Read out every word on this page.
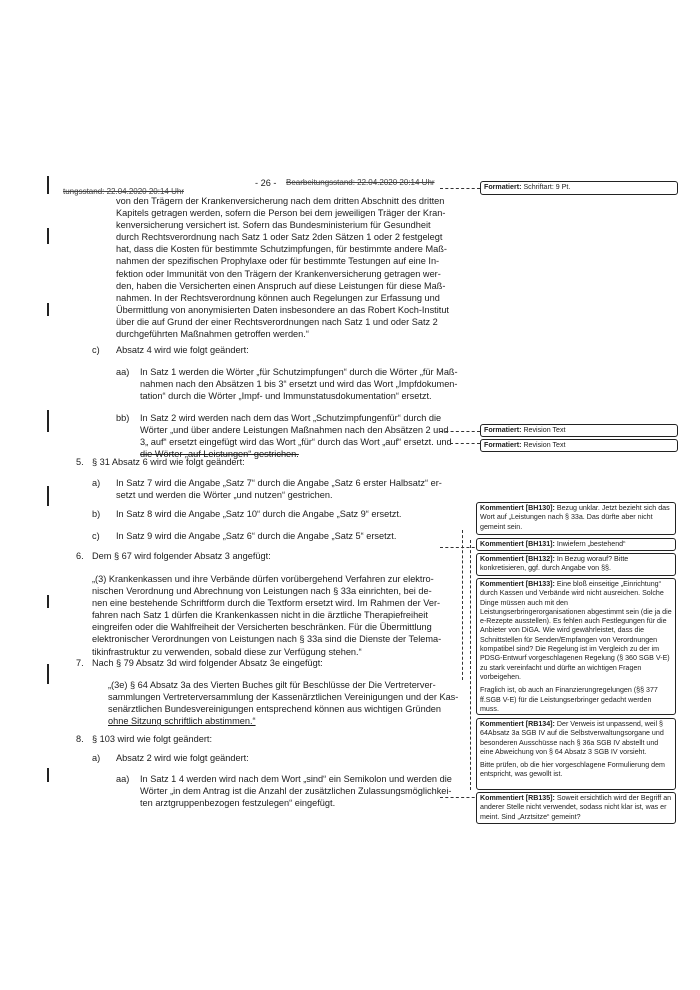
- 26 - Bearbeitungsstand: 22.04.2020 20:14 Uhr
tungsstand: 22.04.2020 20:14 Uhr
von den Trägern der Krankenversicherung nach dem dritten Abschnitt des dritten
Kapitels getragen werden, sofern die Person bei dem jeweiligen Träger der Kran-
kenversicherung versichert ist. Sofern das Bundesministerium für Gesundheit
durch Rechtsverordnung nach Satz 1 oder Satz 2den Sätzen 1 oder 2 festgelegt
hat, dass die Kosten für bestimmte Schutzimpfungen, für bestimmte andere Maß-
nahmen der spezifischen Prophylaxe oder für bestimmte Testungen auf eine In-
fektion oder Immunität von den Trägern der Krankenversicherung getragen wer-
den, haben die Versicherten einen Anspruch auf diese Leistungen für diese Maß-
nahmen. In der Rechtsverordnung können auch Regelungen zur Erfassung und
Übermittlung von anonymisierten Daten insbesondere an das Robert Koch-Institut
über die auf Grund der einer Rechtsverordnungen nach Satz 1 und oder Satz 2
durchgeführten Maßnahmen getroffen werden.“
c) Absatz 4 wird wie folgt geändert:
aa) In Satz 1 werden die Wörter „für Schutzimpfungen“ durch die Wörter „für Maß-
nahmen nach den Absätzen 1 bis 3“ ersetzt und wird das Wort „Impfdokumen-
tation“ durch die Wörter „Impf- und Immunstatusdokumentation“ ersetzt.
bb) In Satz 2 wird werden nach dem das Wort „Schutzimpfungenfür“ durch die
Wörter „und über andere Leistungen Maßnahmen nach den Absätzen 2 und
3„ auf“ ersetzt eingefügt wird das Wort „für“ durch das Wort „auf“ ersetzt. und
die Wörter „auf Leistungen“ gestrichen.
5. § 31 Absatz 6 wird wie folgt geändert:
a) In Satz 7 wird die Angabe „Satz 7“ durch die Angabe „Satz 6 erster Halbsatz“ er-
setzt und werden die Wörter „und nutzen“ gestrichen.
b) In Satz 8 wird die Angabe „Satz 10“ durch die Angabe „Satz 9“ ersetzt.
c) In Satz 9 wird die Angabe „Satz 6“ durch die Angabe „Satz 5“ ersetzt.
6. Dem § 67 wird folgender Absatz 3 angefügt:
„(3) Krankenkassen und ihre Verbände dürfen vorübergehend Verfahren zur elektro-
nischen Verordnung und Abrechnung von Leistungen nach § 33a einrichten, bei de-
nen eine bestehende Schriftform durch die Textform ersetzt wird. Im Rahmen der Ver-
fahren nach Satz 1 dürfen die Krankenkassen nicht in die ärztliche Therapiefreiheit
eingreifen oder die Wahlfreiheit der Versicherten beschränken. Für die Übermittlung
elektronischer Verordnungen von Leistungen nach § 33a sind die Dienste der Telema-
tikinfrastruktur zu verwenden, sobald diese zur Verfügung stehen.“
7. Nach § 79 Absatz 3d wird folgender Absatz 3e eingefügt:
„(3e) § 64 Absatz 3a des Vierten Buches gilt für Beschlüsse der Die Vertreterver-
sammlungen Vertreterversammlung der Kassenärztlichen Vereinigungen und der Kas-
senärztlichen Bundesvereinigungen entsprechend können aus wichtigen Gründen
ohne Sitzung schriftlich abstimmen.“
8. § 103 wird wie folgt geändert:
a) Absatz 2 wird wie folgt geändert:
aa) In Satz 1 4 werden wird nach dem Wort „sind“ ein Semikolon und werden die
Wörter „in dem Antrag ist die Anzahl der zusätzlichen Zulassungsmöglichkei-
ten arztgruppenbezogen festzulegen“ eingefügt.
Formatiert: Schriftart: 9 Pt.
Formatiert: Revision Text
Formatiert: Revision Text
Kommentiert [BH130]: Bezug unklar. Jetzt bezieht sich das Wort auf „Leistungen nach § 33a. Das dürfte aber nicht gemeint sein.
Kommentiert [BH131]: Inwiefern „bestehend“
Kommentiert [BH132]: In Bezug worauf? Bitte konkretisieren, ggf. durch Angabe von §§.
Kommentiert [BH133]: Eine bloß einseitige „Einrichtung“ durch Kassen und Verbände wird nicht ausreichen. Solche Dinge müssen auch mit den Leistungserbringerorganisationen abgestimmt sein (die ja die e-Rezepte ausstellen). Es fehlen auch Festlegungen für die Anbieter von DiGA. Wie wird gewährleistet, dass die Schnittstellen für Senden/Empfangen von Verordnungen kompatibel sind? Die Regelung ist im Vergleich zu der im PDSG-Entwurf vorgeschlagenen Regelung (§ 360 SGB V-E) zu stark vereinfacht und dürfte an wichtigen Fragen vorbeigehen.
Fraglich ist, ob auch an Finanzierungregelungen (§§ 377 ff.SGB V-E) für die Leistungserbringer gedacht werden muss.
Kommentiert [RB134]: Der Verweis ist unpassend, weil § 64Absatz 3a SGB IV auf die Selbstverwaltungsorgane und besonderen Ausschüsse nach § 36a SGB IV abstellt und eine Abweichung von § 64 Absatz 3 SGB IV vorsieht.
Bitte prüfen, ob die hier vorgeschlagene Formulierung dem entspricht, was gewollt ist.
Kommentiert [RB135]: Soweit ersichtlich wird der Begriff an anderer Stelle nicht verwendet, sodass nicht klar ist, was er meint. Sind „Arztsitze“ gemeint?
